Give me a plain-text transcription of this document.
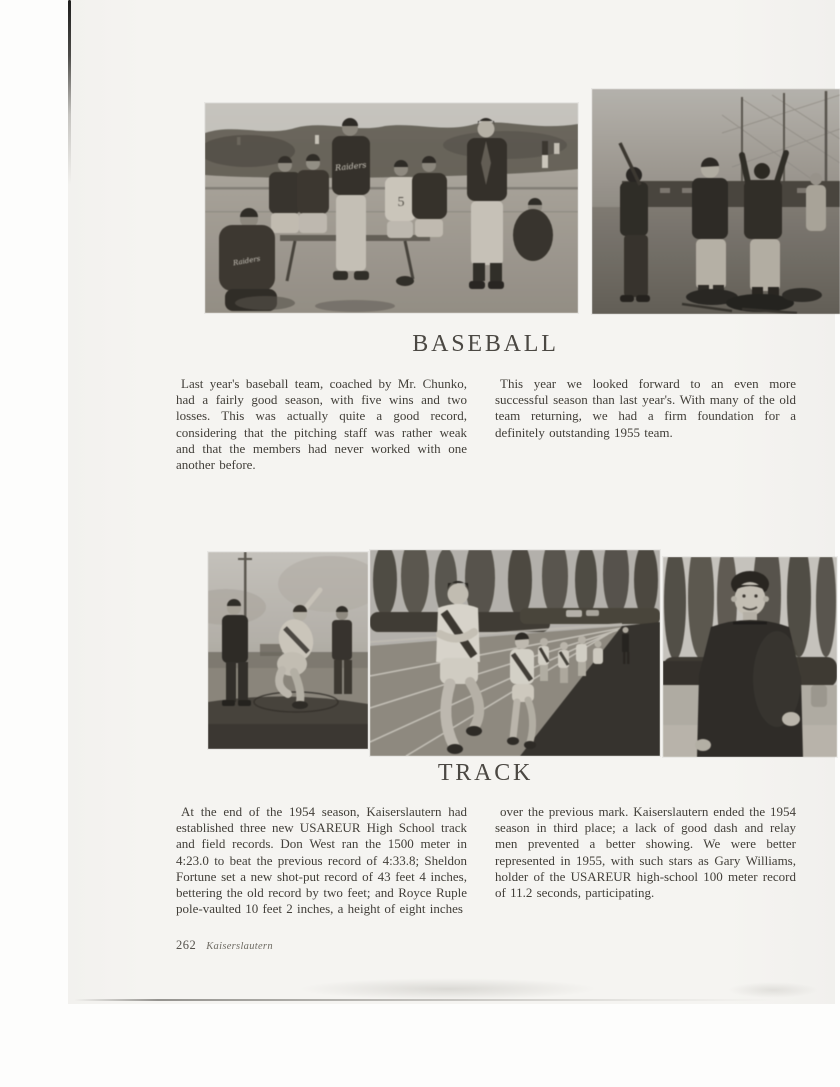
5
Raiders
Raiders
BASEBALL

Last year's baseball team, coached by Mr. Chunko, had a fairly good season, with five wins and two losses. This was actually quite a good record, considering that the pitching staff was rather weak and that the members had never worked with one another before.

This year we looked forward to an even more successful season than last year's. With many of the old team returning, we had a firm foundation for a definitely outstanding 1955 team.

TRACK

At the end of the 1954 season, Kaiserslautern had established three new USAREUR High School track and field records. Don West ran the 1500 meter in 4:23.0 to beat the previous record of 4:33.8; Sheldon Fortune set a new shot-put record of 43 feet 4 inches, bettering the old record by two feet; and Royce Ruple pole-vaulted 10 feet 2 inches, a height of eight inches

over the previous mark. Kaiserslautern ended the 1954 season in third place; a lack of good dash and relay men prevented a better showing. We were better represented in 1955, with such stars as Gary Williams, holder of the USAREUR high-school 100 meter record of 11.2 seconds, participating.

262 Kaiserslautern
